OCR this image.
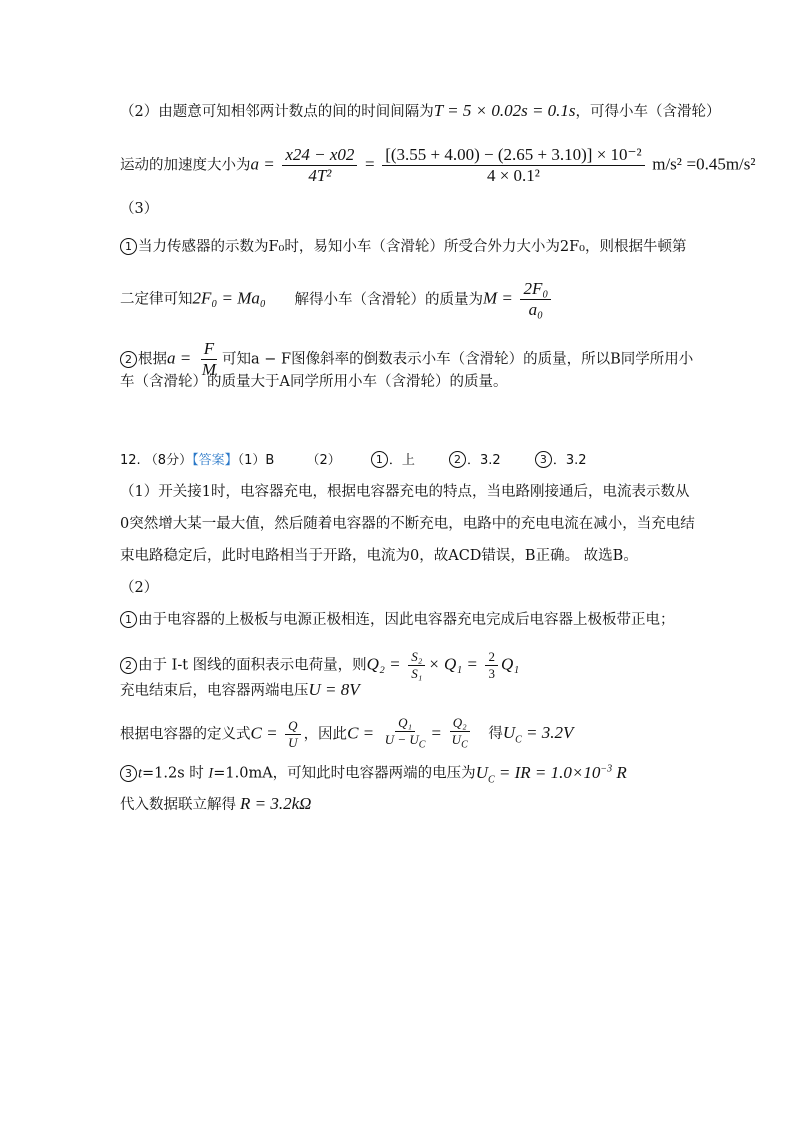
（2）由题意可知相邻两计数点的间的时间间隔为T = 5 × 0.02s = 0.1s，可得小车（含滑轮）
运动的加速度大小为$a = \frac{x24 - x02}{\text{4T²}} = \frac{\text{[(3.55 + 4.00) − (2.65 + 3.10)] × 10⁻²}}{\text{4 × 0.1²}} m/s^2 =0.45m/s^2$
（3）
1 当力传感器的示数为F₀时，易知小车（含滑轮）所受合外力大小为2F₀，则根据牛顿第
二定律可知2F₀ = Ma₀ 解得小车（含滑轮）的质量为$M = \frac{\text{2F₀}}{\text{a₀}}$
2 根据$a = \frac{F}{M}$ 可知a − F图像斜率的倒数表示小车（含滑轮）的质量，所以B同学所用小
车（含滑轮）的质量大于A同学所用小车（含滑轮）的质量。
12. （8分）【答案】（1）B （2）	1 ．上	2 ．3.2	3 ．3.2
（1）开关接1时，电容器充电，根据电容器充电的特点，当电路刚接通后，电流表示数从
0突然增大某一最大值，然后随着电容器的不断充电，电路中的充电电流在减小，当充电结
束电路稳定后，此时电路相当于开路，电流为0，故ACD错误，B正确。 故选B。
（2）
1 由于电容器的上极板与电源正极相连，因此电容器充电完成后电容器上极板带正电；
2 由于 I-t 图线的面积表示电荷量，则$Q_2 = \frac{\text{S₂}}{\text{S₁}} \times Q_1 = \frac{2}{3} Q_1$
充电结束后，电容器两端电压U = 8V
根据电容器的定义式$C = \frac{Q}{U}$ ，因此$C = \frac{\text{Q₁}}{U - U_C} = \frac{\text{Q₂}}{U_C}$ 得$U_C = 3.2V$
3 t=1.2s 时 I=1.0mA，可知此时电容器两端的电压为$U_C$ = IR = $1.0\times 10^{-3}$ R
代入数据联立解得 R = 3.2kΩ
